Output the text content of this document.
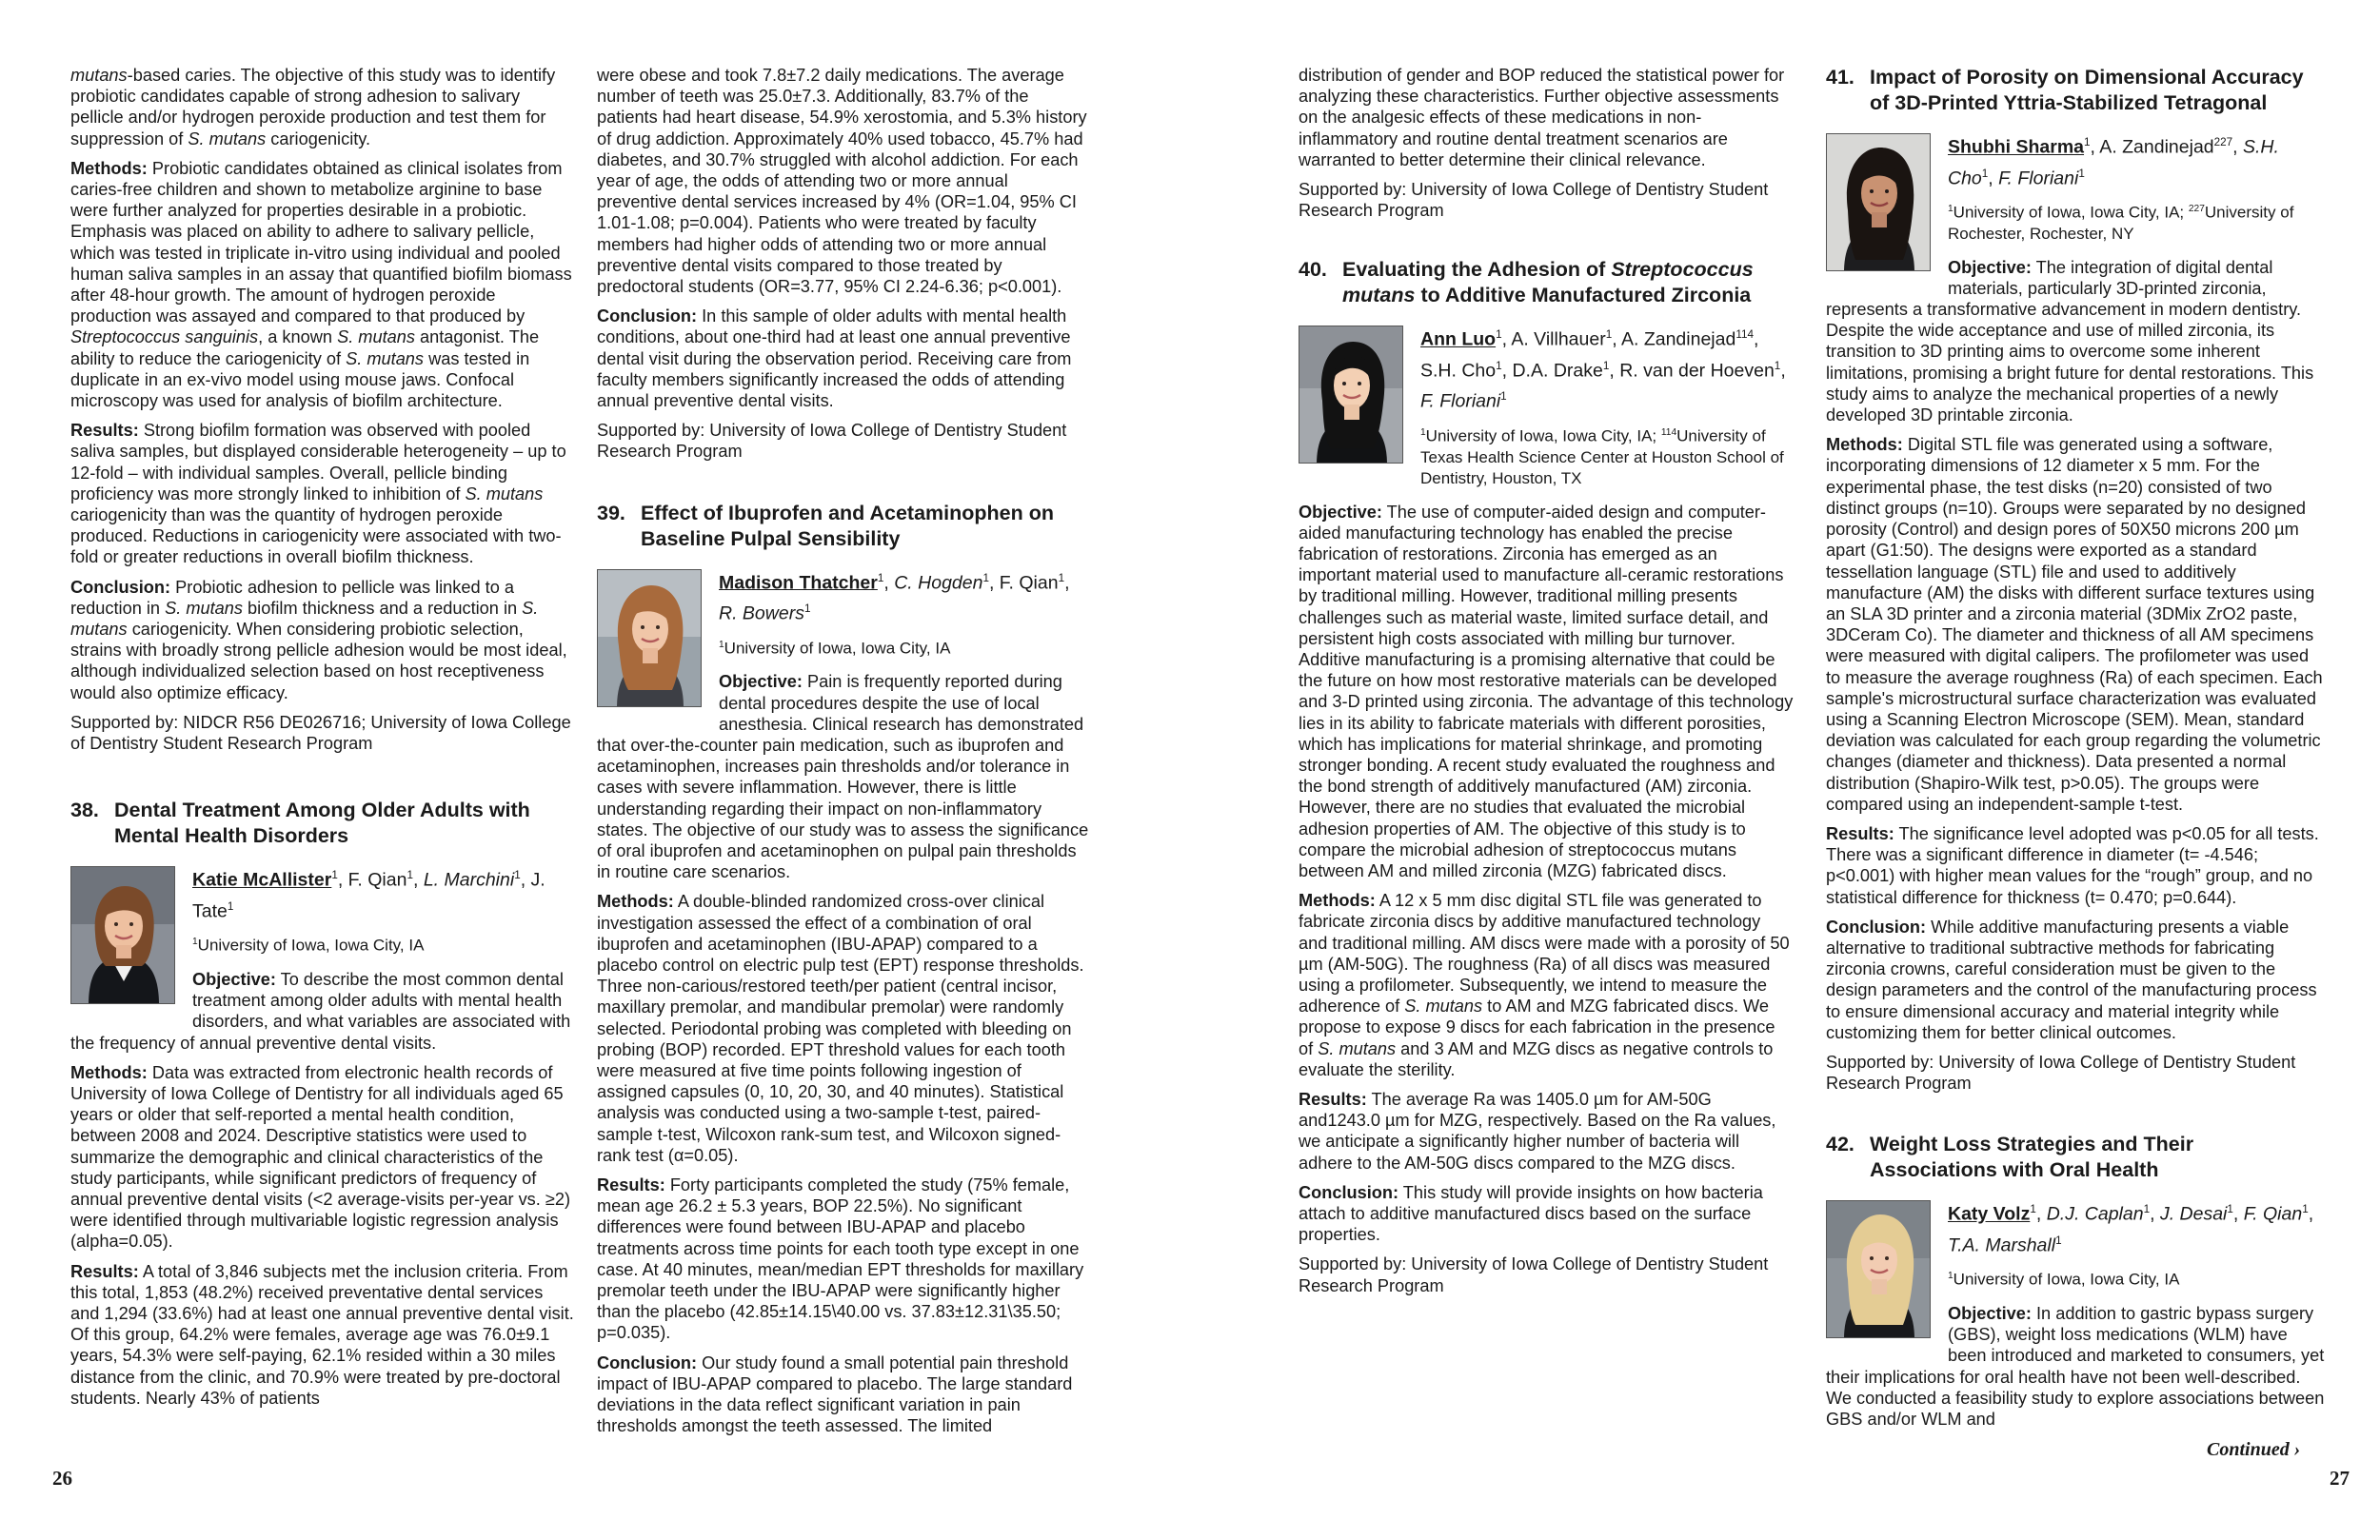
mutans-based caries. The objective of this study was to identify probiotic candidates capable of strong adhesion to salivary pellicle and/or hydrogen peroxide production and test them for suppression of S. mutans cariogenicity.

Methods: Probiotic candidates obtained as clinical isolates from caries-free children and shown to metabolize arginine to base were further analyzed for properties desirable in a probiotic. Emphasis was placed on ability to adhere to salivary pellicle, which was tested in triplicate in-vitro using individual and pooled human saliva samples in an assay that quantified biofilm biomass after 48-hour growth. The amount of hydrogen peroxide production was assayed and compared to that produced by Streptococcus sanguinis, a known S. mutans antagonist. The ability to reduce the cariogenicity of S. mutans was tested in duplicate in an ex-vivo model using mouse jaws. Confocal microscopy was used for analysis of biofilm architecture.

Results: Strong biofilm formation was observed with pooled saliva samples, but displayed considerable heterogeneity – up to 12-fold – with individual samples. Overall, pellicle binding proficiency was more strongly linked to inhibition of S. mutans cariogenicity than was the quantity of hydrogen peroxide produced. Reductions in cariogenicity were associated with two-fold or greater reductions in overall biofilm thickness.

Conclusion: Probiotic adhesion to pellicle was linked to a reduction in S. mutans biofilm thickness and a reduction in S. mutans cariogenicity. When considering probiotic selection, strains with broadly strong pellicle adhesion would be most ideal, although individualized selection based on host receptiveness would also optimize efficacy.

Supported by: NIDCR R56 DE026716; University of Iowa College of Dentistry Student Research Program

38. Dental Treatment Among Older Adults with Mental Health Disorders
Katie McAllister$^1$, F. Qian$^1$, L. Marchini$^1$, J. Tate$^1$
$^1$University of Iowa, Iowa City, IA

Objective: To describe the most common dental treatment among older adults with mental health disorders, and what variables are associated with the frequency of annual preventive dental visits.

Methods: Data was extracted from electronic health records of University of Iowa College of Dentistry for all individuals aged 65 years or older that self-reported a mental health condition, between 2008 and 2024. Descriptive statistics were used to summarize the demographic and clinical characteristics of the study participants, while significant predictors of frequency of annual preventive dental visits (<2 average-visits per-year vs. ≥2) were identified through multivariable logistic regression analysis (alpha=0.05).

Results: A total of 3,846 subjects met the inclusion criteria. From this total, 1,853 (48.2%) received preventative dental services and 1,294 (33.6%) had at least one annual preventive dental visit. Of this group, 64.2% were females, average age was 76.0±9.1 years, 54.3% were self-paying, 62.1% resided within a 30 miles distance from the clinic, and 70.9% were treated by pre-doctoral students. Nearly 43% of patients

were obese and took 7.8±7.2 daily medications. The average number of teeth was 25.0±7.3. Additionally, 83.7% of the patients had heart disease, 54.9% xerostomia, and 5.3% history of drug addiction. Approximately 40% used tobacco, 45.7% had diabetes, and 30.7% struggled with alcohol addiction. For each year of age, the odds of attending two or more annual preventive dental services increased by 4% (OR=1.04, 95% CI 1.01-1.08; p=0.004). Patients who were treated by faculty members had higher odds of attending two or more annual preventive dental visits compared to those treated by predoctoral students (OR=3.77, 95% CI 2.24-6.36; p<0.001).

Conclusion: In this sample of older adults with mental health conditions, about one-third had at least one annual preventive dental visit during the observation period. Receiving care from faculty members significantly increased the odds of attending annual preventive dental visits.

Supported by: University of Iowa College of Dentistry Student Research Program

39. Effect of Ibuprofen and Acetaminophen on Baseline Pulpal Sensibility
Madison Thatcher$^1$, C. Hogden$^1$, F. Qian$^1$, R. Bowers$^1$
$^1$University of Iowa, Iowa City, IA

Objective: Pain is frequently reported during dental procedures despite the use of local anesthesia. Clinical research has demonstrated that over-the-counter pain medication, such as ibuprofen and acetaminophen, increases pain thresholds and/or tolerance in cases with severe inflammation. However, there is little understanding regarding their impact on non-inflammatory states. The objective of our study was to assess the significance of oral ibuprofen and acetaminophen on pulpal pain thresholds in routine care scenarios.

Methods: A double-blinded randomized cross-over clinical investigation assessed the effect of a combination of oral ibuprofen and acetaminophen (IBU-APAP) compared to a placebo control on electric pulp test (EPT) response thresholds. Three non-carious/restored teeth/per patient (central incisor, maxillary premolar, and mandibular premolar) were randomly selected. Periodontal probing was completed with bleeding on probing (BOP) recorded. EPT threshold values for each tooth were measured at five time points following ingestion of assigned capsules (0, 10, 20, 30, and 40 minutes). Statistical analysis was conducted using a two-sample t-test, paired-sample t-test, Wilcoxon rank-sum test, and Wilcoxon signed-rank test (α=0.05).

Results: Forty participants completed the study (75% female, mean age 26.2 ± 5.3 years, BOP 22.5%). No significant differences were found between IBU-APAP and placebo treatments across time points for each tooth type except in one case. At 40 minutes, mean/median EPT thresholds for maxillary premolar teeth under the IBU-APAP were significantly higher than the placebo (42.85±14.15\40.00 vs. 37.83±12.31\35.50; p=0.035).

Conclusion: Our study found a small potential pain threshold impact of IBU-APAP compared to placebo. The large standard deviations in the data reflect significant variation in pain thresholds amongst the teeth assessed. The limited

distribution of gender and BOP reduced the statistical power for analyzing these characteristics. Further objective assessments on the analgesic effects of these medications in non-inflammatory and routine dental treatment scenarios are warranted to better determine their clinical relevance.

Supported by: University of Iowa College of Dentistry Student Research Program

40. Evaluating the Adhesion of Streptococcus mutans to Additive Manufactured Zirconia
Ann Luo$^1$, A. Villhauer$^1$, A. Zandinejad$^{114}$, S.H. Cho$^1$, D.A. Drake$^1$, R. van der Hoeven$^1$, F. Floriani$^1$
$^1$University of Iowa, Iowa City, IA; $^{114}$University of Texas Health Science Center at Houston School of Dentistry, Houston, TX

Objective: The use of computer-aided design and computer-aided manufacturing technology has enabled the precise fabrication of restorations. Zirconia has emerged as an important material used to manufacture all-ceramic restorations by traditional milling. However, traditional milling presents challenges such as material waste, limited surface detail, and persistent high costs associated with milling bur turnover. Additive manufacturing is a promising alternative that could be the future on how most restorative materials can be developed and 3-D printed using zirconia. The advantage of this technology lies in its ability to fabricate materials with different porosities, which has implications for material shrinkage, and promoting stronger bonding. A recent study evaluated the roughness and the bond strength of additively manufactured (AM) zirconia. However, there are no studies that evaluated the microbial adhesion properties of AM. The objective of this study is to compare the microbial adhesion of streptococcus mutans between AM and milled zirconia (MZG) fabricated discs.

Methods: A 12 x 5 mm disc digital STL file was generated to fabricate zirconia discs by additive manufactured technology and traditional milling. AM discs were made with a porosity of 50 µm (AM-50G). The roughness (Ra) of all discs was measured using a profilometer. Subsequently, we intend to measure the adherence of S. mutans to AM and MZG fabricated discs. We propose to expose 9 discs for each fabrication in the presence of S. mutans and 3 AM and MZG discs as negative controls to evaluate the sterility.

Results: The average Ra was 1405.0 µm for AM-50G and1243.0 µm for MZG, respectively. Based on the Ra values, we anticipate a significantly higher number of bacteria will adhere to the AM-50G discs compared to the MZG discs.

Conclusion: This study will provide insights on how bacteria attach to additive manufactured discs based on the surface properties.

Supported by: University of Iowa College of Dentistry Student Research Program

41. Impact of Porosity on Dimensional Accuracy of 3D-Printed Yttria-Stabilized Tetragonal
Shubhi Sharma$^1$, A. Zandinejad$^{227}$, S.H. Cho$^1$, F. Floriani$^1$
$^1$University of Iowa, Iowa City, IA; $^{227}$University of Rochester, Rochester, NY

Objective: The integration of digital dental materials, particularly 3D-printed zirconia, represents a transformative advancement in modern dentistry. Despite the wide acceptance and use of milled zirconia, its transition to 3D printing aims to overcome some inherent limitations, promising a bright future for dental restorations. This study aims to analyze the mechanical properties of a newly developed 3D printable zirconia.

Methods: Digital STL file was generated using a software, incorporating dimensions of 12 diameter x 5 mm. For the experimental phase, the test disks (n=20) consisted of two distinct groups (n=10). Groups were separated by no designed porosity (Control) and design pores of 50X50 microns 200 µm apart (G1:50). The designs were exported as a standard tessellation language (STL) file and used to additively manufacture (AM) the disks with different surface textures using an SLA 3D printer and a zirconia material (3DMix ZrO2 paste, 3DCeram Co). The diameter and thickness of all AM specimens were measured with digital calipers. The profilometer was used to measure the average roughness (Ra) of each specimen. Each sample's microstructural surface characterization was evaluated using a Scanning Electron Microscope (SEM). Mean, standard deviation was calculated for each group regarding the volumetric changes (diameter and thickness). Data presented a normal distribution (Shapiro-Wilk test, p>0.05). The groups were compared using an independent-sample t-test.

Results: The significance level adopted was p<0.05 for all tests. There was a significant difference in diameter (t= -4.546; p<0.001) with higher mean values for the “rough” group, and no statistical difference for thickness (t= 0.470; p=0.644).

Conclusion: While additive manufacturing presents a viable alternative to traditional subtractive methods for fabricating zirconia crowns, careful consideration must be given to the design parameters and the control of the manufacturing process to ensure dimensional accuracy and material integrity while customizing them for better clinical outcomes.

Supported by: University of Iowa College of Dentistry Student Research Program

42. Weight Loss Strategies and Their Associations with Oral Health
Katy Volz$^1$, D.J. Caplan$^1$, J. Desai$^1$, F. Qian$^1$, T.A. Marshall$^1$
$^1$University of Iowa, Iowa City, IA

Objective: In addition to gastric bypass surgery (GBS), weight loss medications (WLM) have been introduced and marketed to consumers, yet their implications for oral health have not been well-described. We conducted a feasibility study to explore associations between GBS and/or WLM and

Continued ›
26	27
